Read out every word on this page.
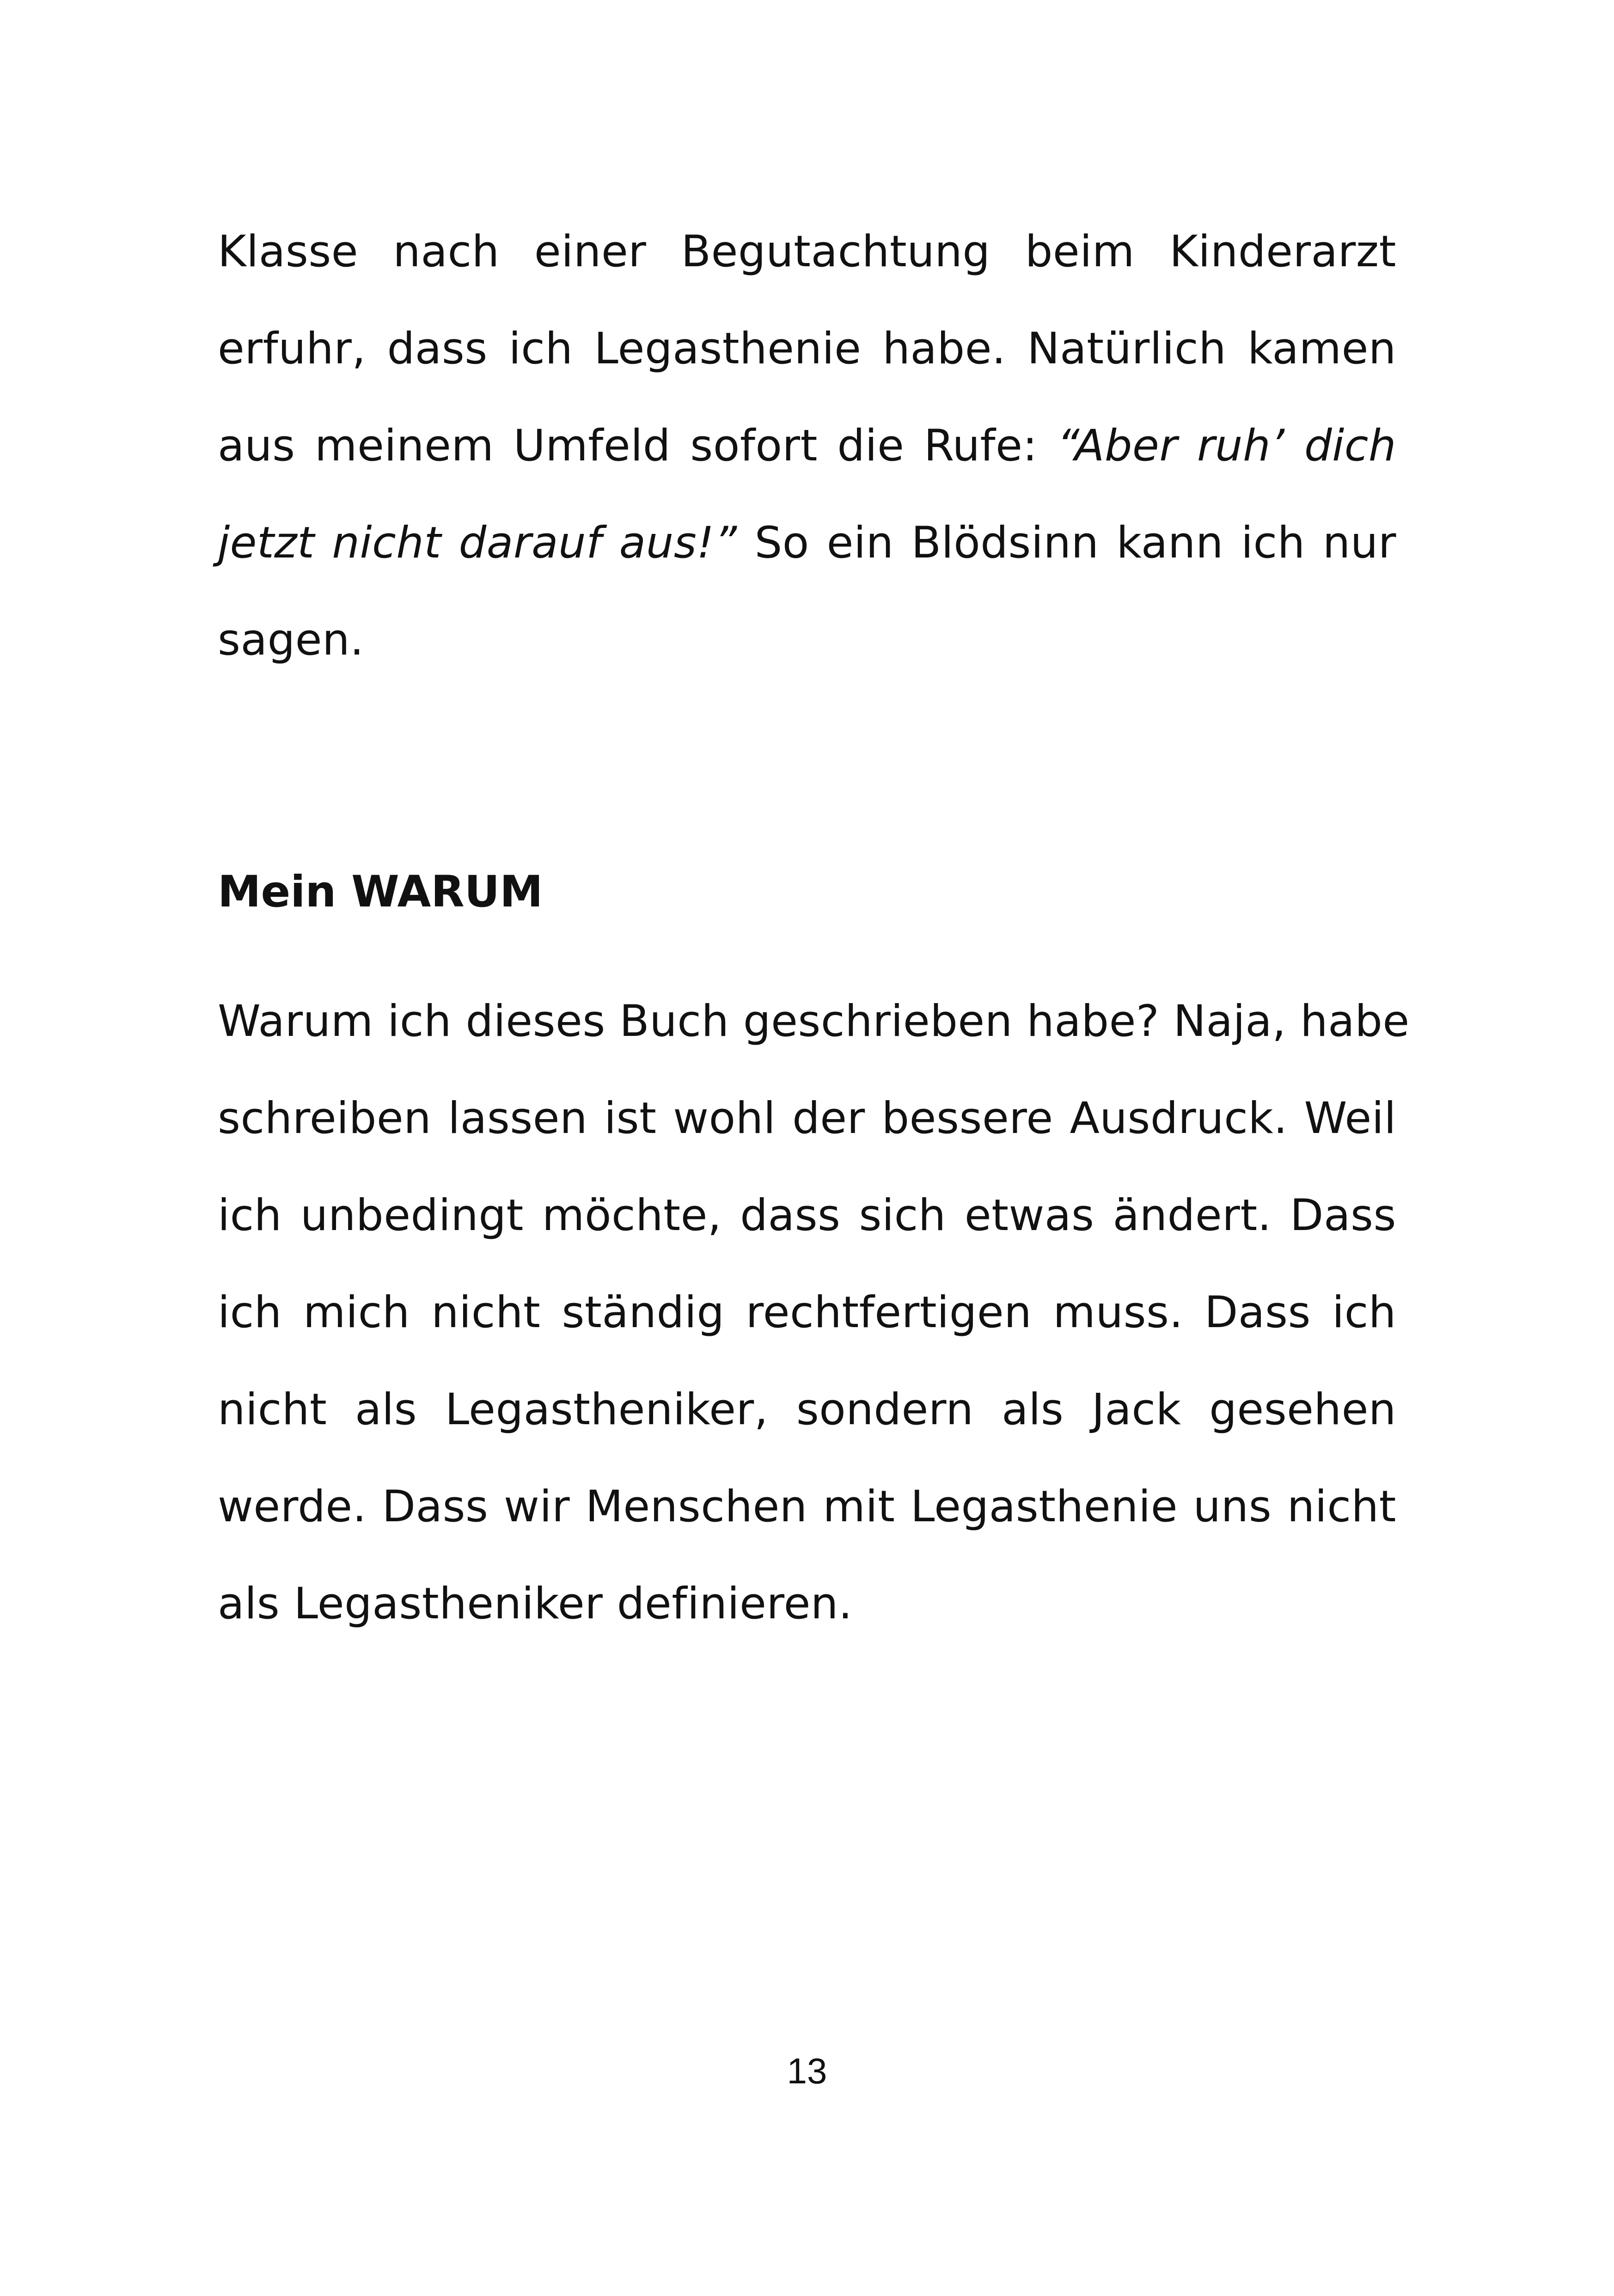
Klasse nach einer Begutachtung beim Kinderarzt
erfuhr, dass ich Legasthenie habe. Natürlich kamen
aus meinem Umfeld sofort die Rufe: “Aber ruh’ dich
jetzt nicht darauf aus!” So ein Blödsinn kann ich nur
sagen.
Mein WARUM
Warum ich dieses Buch geschrieben habe? Naja, habe
schreiben lassen ist wohl der bessere Ausdruck. Weil
ich unbedingt möchte, dass sich etwas ändert. Dass
ich mich nicht ständig rechtfertigen muss. Dass ich
nicht als Legastheniker, sondern als Jack gesehen
werde. Dass wir Menschen mit Legasthenie uns nicht
als Legastheniker definieren.
13
